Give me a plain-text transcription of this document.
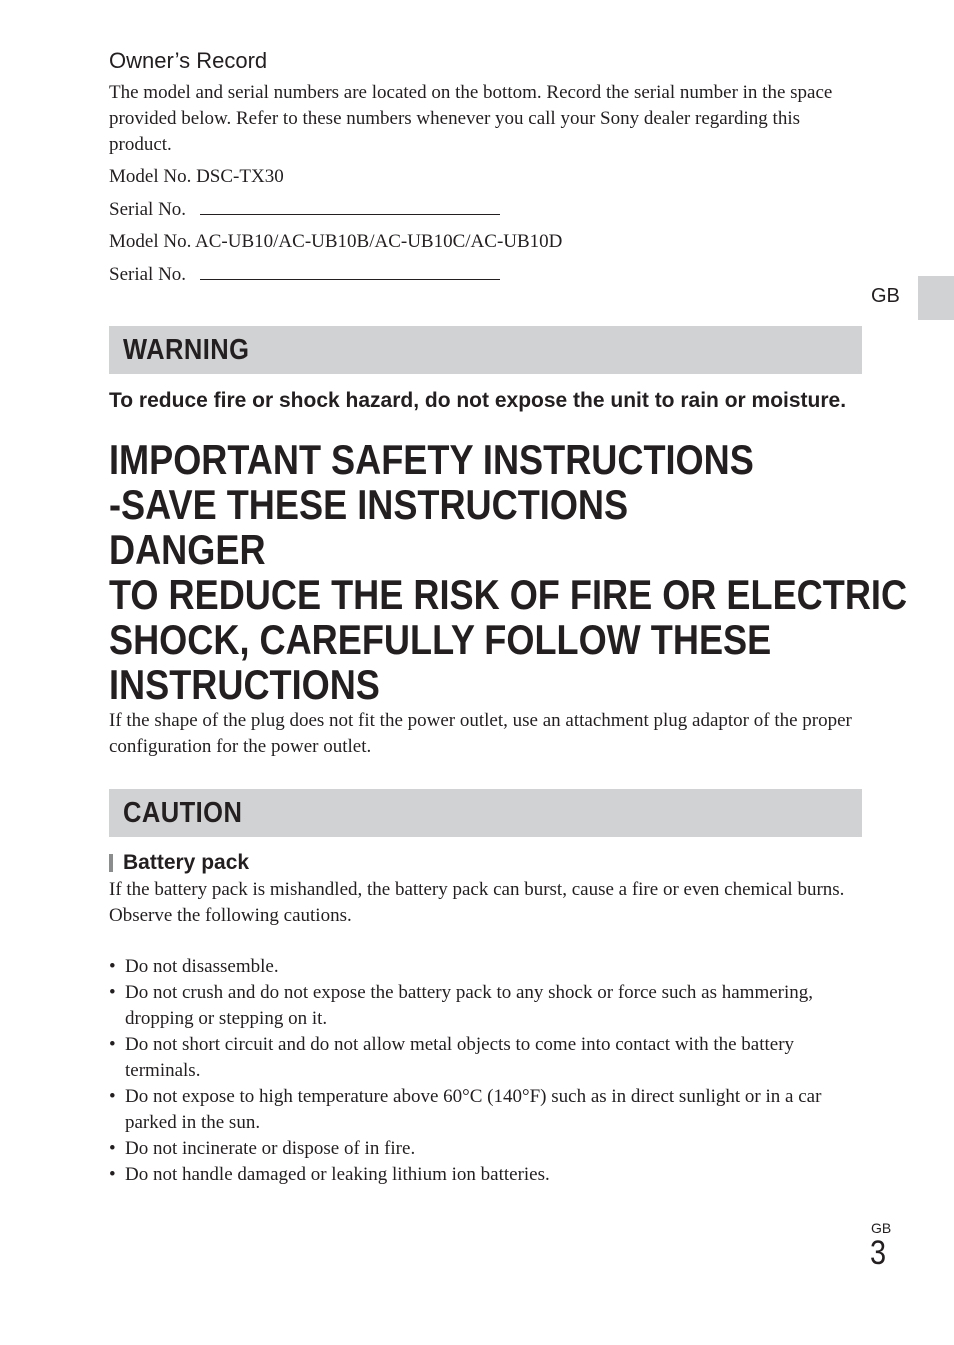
GB
Owner’s Record

The model and serial numbers are located on the bottom. Record the serial number in the space provided below. Refer to these numbers whenever you call your Sony dealer regarding this product.

Model No. DSC-TX30

Serial No.

Model No. AC-UB10/AC-UB10B/AC-UB10C/AC-UB10D

Serial No.

WARNING

To reduce fire or shock hazard, do not expose the unit to rain or moisture.

IMPORTANT SAFETY INSTRUCTIONS

-SAVE THESE INSTRUCTIONS

DANGER

TO REDUCE THE RISK OF FIRE OR ELECTRIC

SHOCK, CAREFULLY FOLLOW THESE

INSTRUCTIONS

If the shape of the plug does not fit the power outlet, use an attachment plug adaptor of the proper configuration for the power outlet.

CAUTION
Battery pack

If the battery pack is mishandled, the battery pack can burst, cause a fire or even chemical burns. Observe the following cautions.

• Do not disassemble.
• Do not crush and do not expose the battery pack to any shock or force such as hammering, dropping or stepping on it.
• Do not short circuit and do not allow metal objects to come into contact with the battery terminals.
• Do not expose to high temperature above 60°C (140°F) such as in direct sunlight or in a car parked in the sun.
• Do not incinerate or dispose of in fire.
• Do not handle damaged or leaking lithium ion batteries.
GB
3
